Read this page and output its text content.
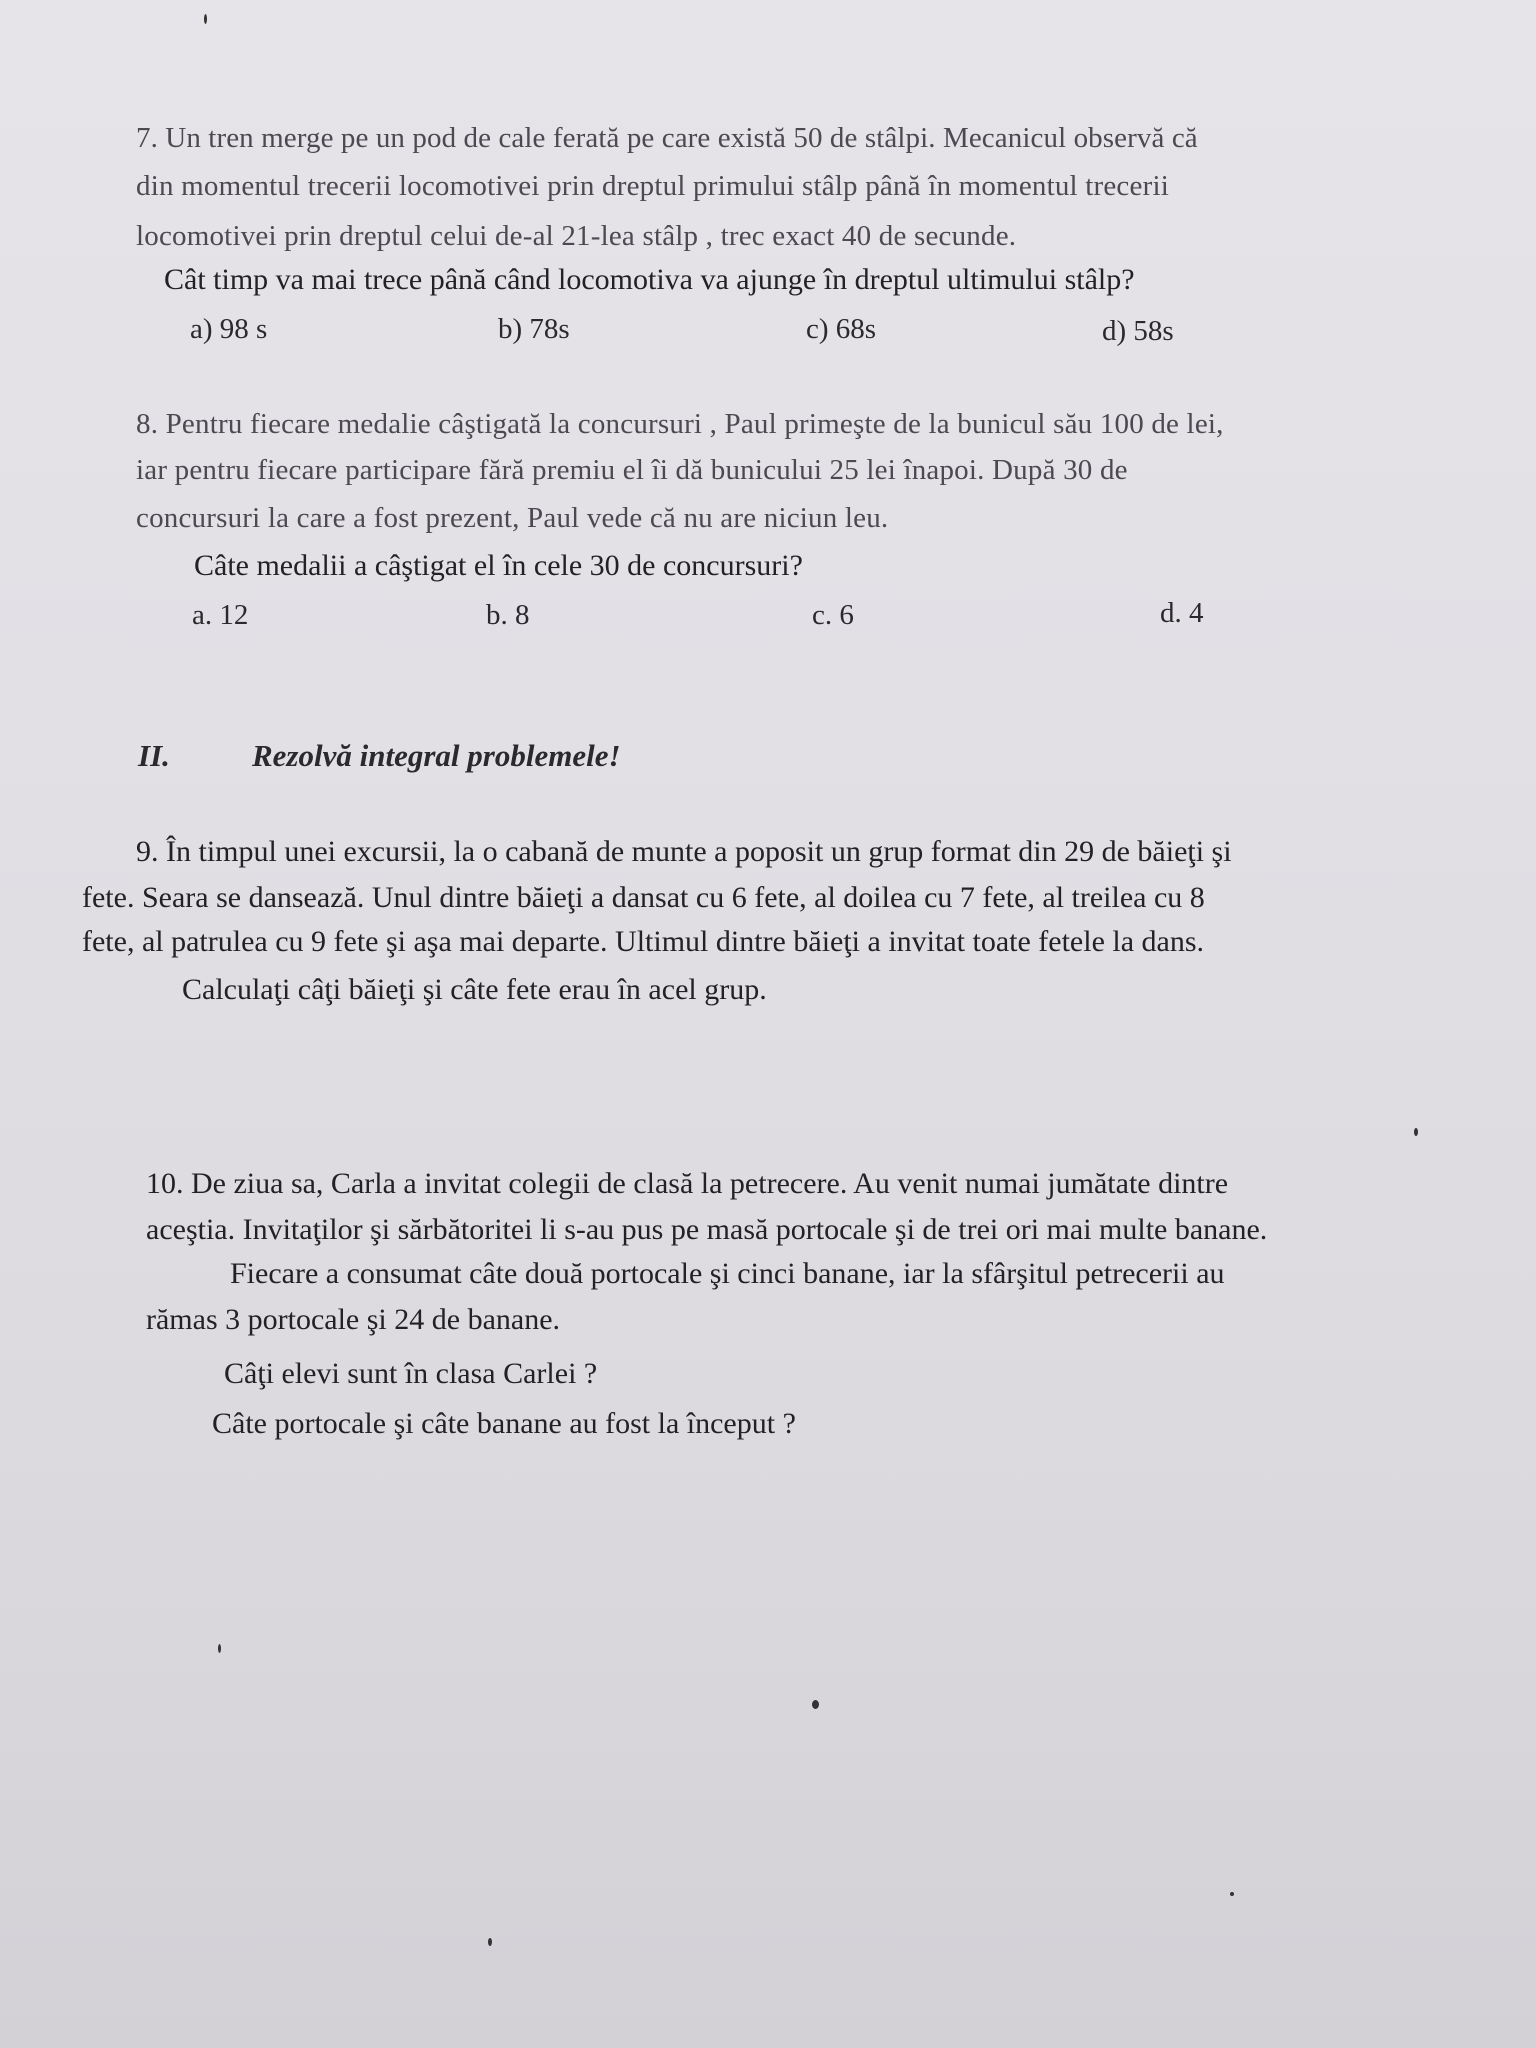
7. Un tren merge pe un pod de cale ferată pe care există 50 de stâlpi. Mecanicul observă că
din momentul trecerii locomotivei prin dreptul primului stâlp până în momentul trecerii
locomotivei prin dreptul celui de-al 21-lea stâlp , trec exact 40 de secunde.
Cât timp va mai trece până când locomotiva va ajunge în dreptul ultimului stâlp?
a) 98 s	b) 78s	c) 68s	d) 58s
8. Pentru fiecare medalie câştigată la concursuri , Paul primeşte de la bunicul său 100 de lei,
iar pentru fiecare participare fără premiu el îi dă bunicului 25 lei înapoi. După 30 de
concursuri la care a fost prezent, Paul vede că nu are niciun leu.
Câte medalii a câştigat el în cele 30 de concursuri?
a. 12	b. 8	c. 6	d. 4
II.	Rezolvă integral problemele!
9. În timpul unei excursii, la o cabană de munte a poposit un grup format din 29 de băieţi şi
fete. Seara se dansează. Unul dintre băieţi a dansat cu 6 fete, al doilea cu 7 fete, al treilea cu 8
fete, al patrulea cu 9 fete şi aşa mai departe. Ultimul dintre băieţi a invitat toate fetele la dans.
Calculaţi câţi băieţi şi câte fete erau în acel grup.
10. De ziua sa, Carla a invitat colegii de clasă la petrecere. Au venit numai jumătate dintre
aceştia. Invitaţilor şi sărbătoritei li s-au pus pe masă portocale şi de trei ori mai multe banane.
Fiecare a consumat câte două portocale şi cinci banane, iar la sfârşitul petrecerii au
rămas 3 portocale şi 24 de banane.
Câţi elevi sunt în clasa Carlei ?
Câte portocale şi câte banane au fost la început ?
